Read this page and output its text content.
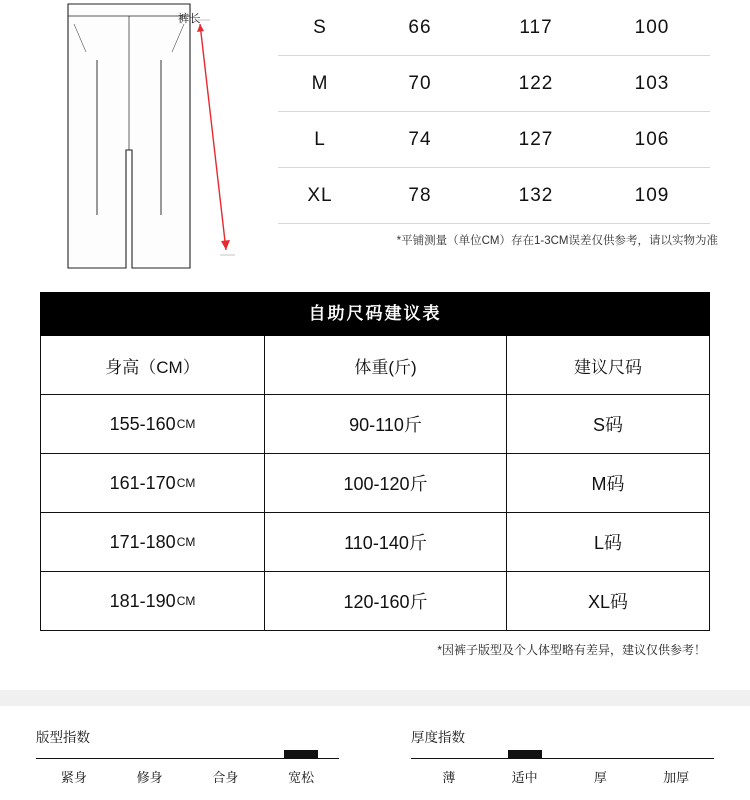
裤长	S	66	117	100
M	70	122	103
L	74	127	106
XL	78	132	109
*平铺测量（单位CM）存在1-3CM误差仅供参考，请以实物为准
自助尺码建议表
身高（CM）	体重(斤)	建议尺码
155-160 CM	90-110斤	S码
161-170 CM	100-120斤	M码
171-180 CM	110-140斤	L码
181-190 CM	120-160斤	XL码
*因裤子版型及个人体型略有差异，建议仅供参考！
版型指数
紧身	修身	合身	宽松
厚度指数
薄	适中	厚	加厚
